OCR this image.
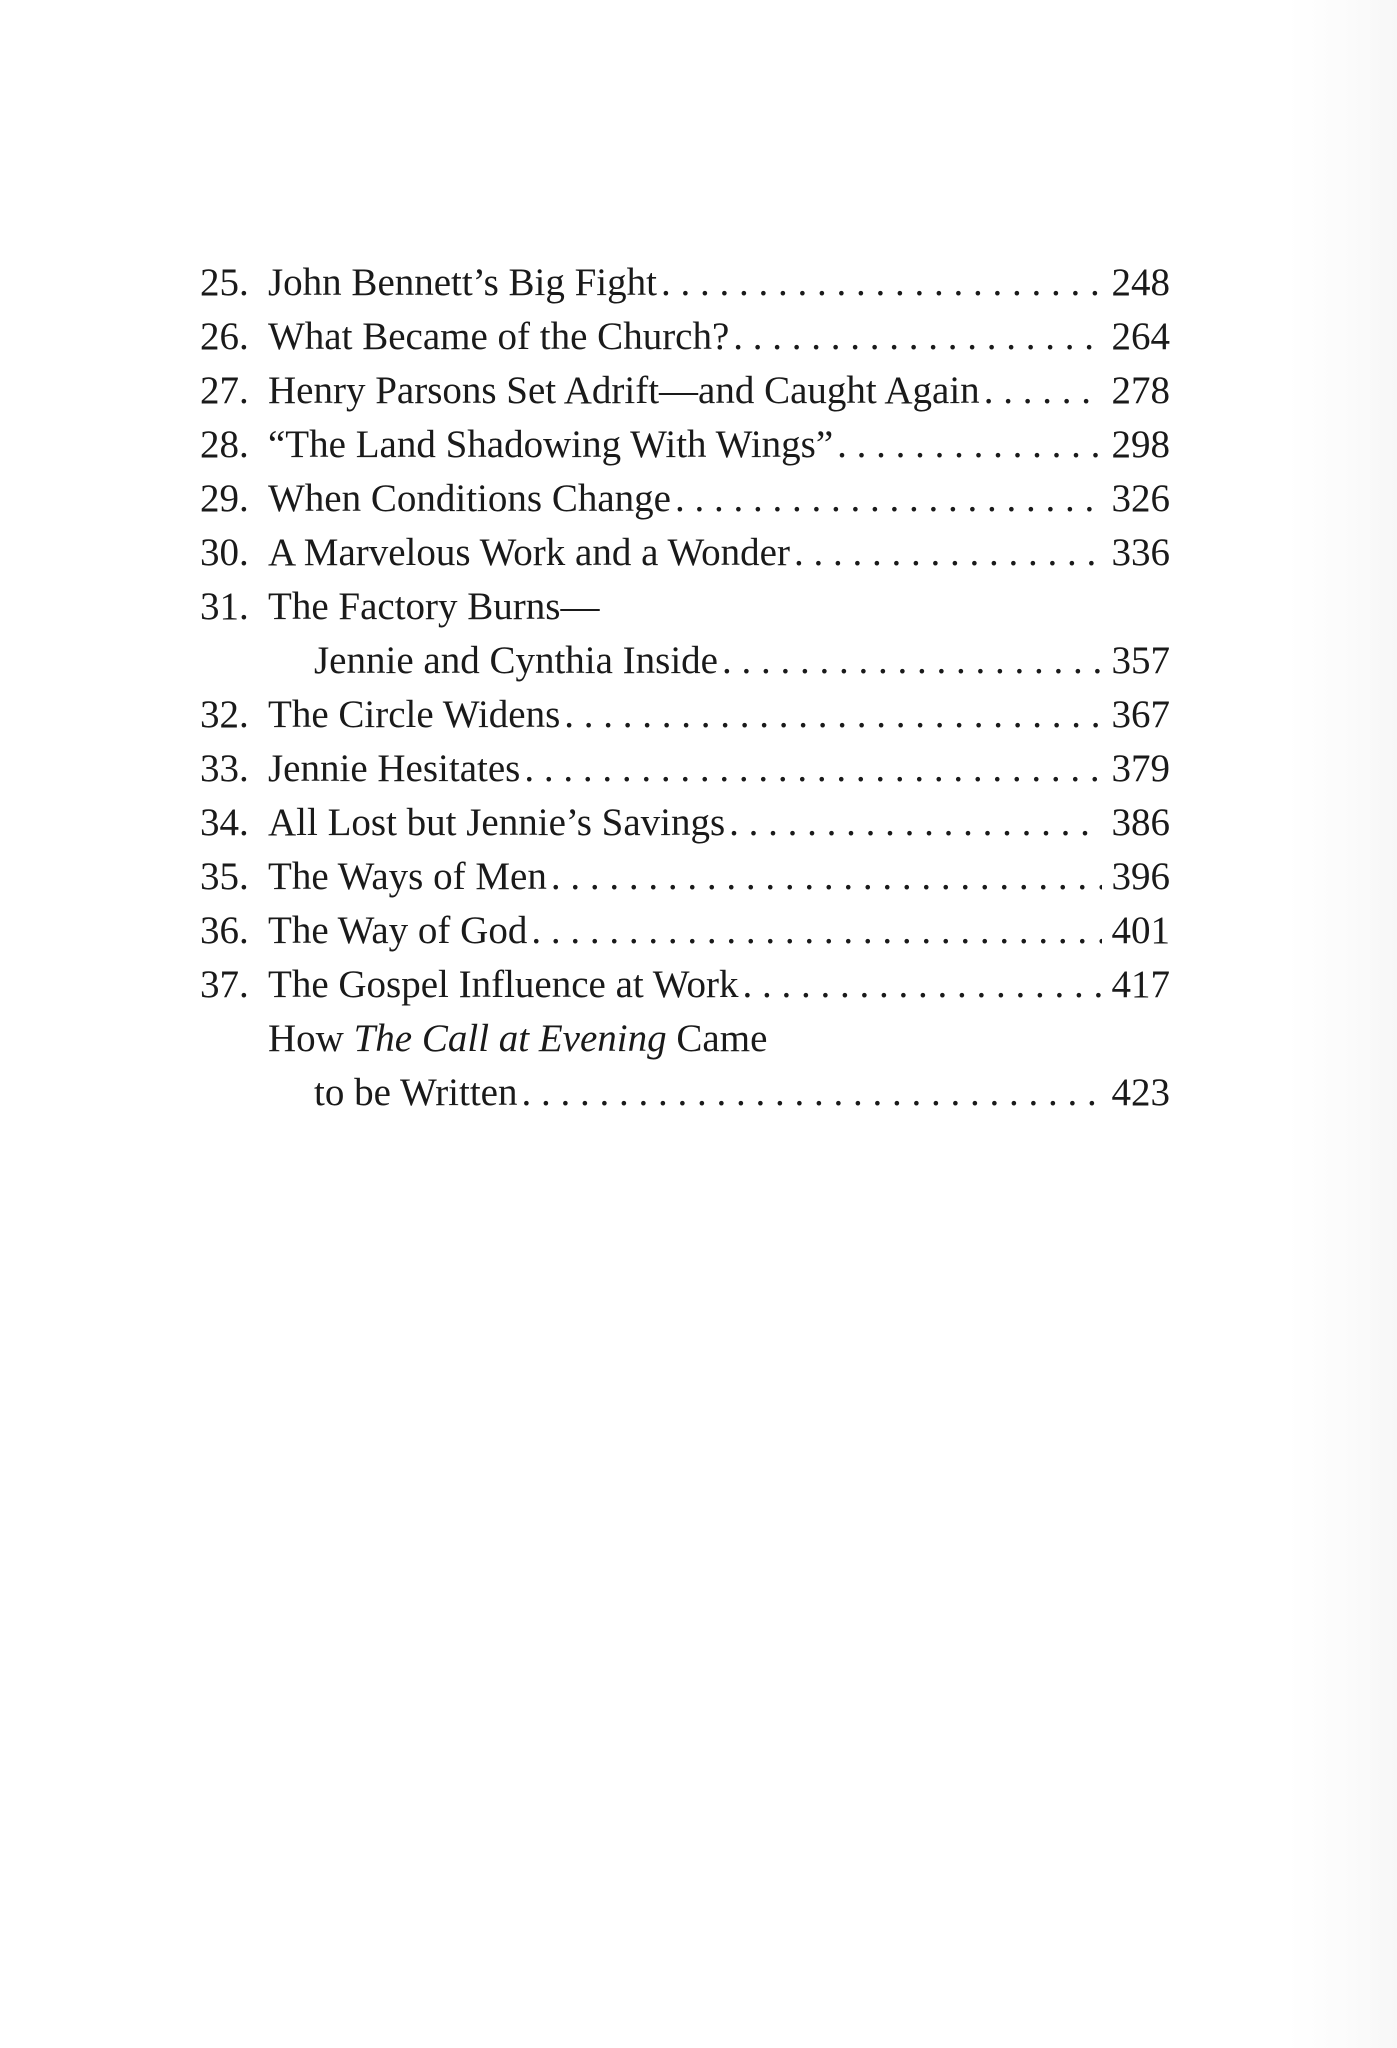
25. John Bennett’s Big Fight . . .	248
26. What Became of the Church? . . .	264
27. Henry Parsons Set Adrift—and Caught Again . . .	278
28. “The Land Shadowing With Wings” . . .	298
29. When Conditions Change . . .	326
30. A Marvelous Work and a Wonder . . .	336
31. The Factory Burns—
Jennie and Cynthia Inside . . .	357
32. The Circle Widens . . .	367
33. Jennie Hesitates . . .	379
34. All Lost but Jennie’s Savings . . .	386
35. The Ways of Men . . .	396
36. The Way of God . . .	401
37. The Gospel Influence at Work . . .	417
How The Call at Evening Came
to be Written . . .	423
